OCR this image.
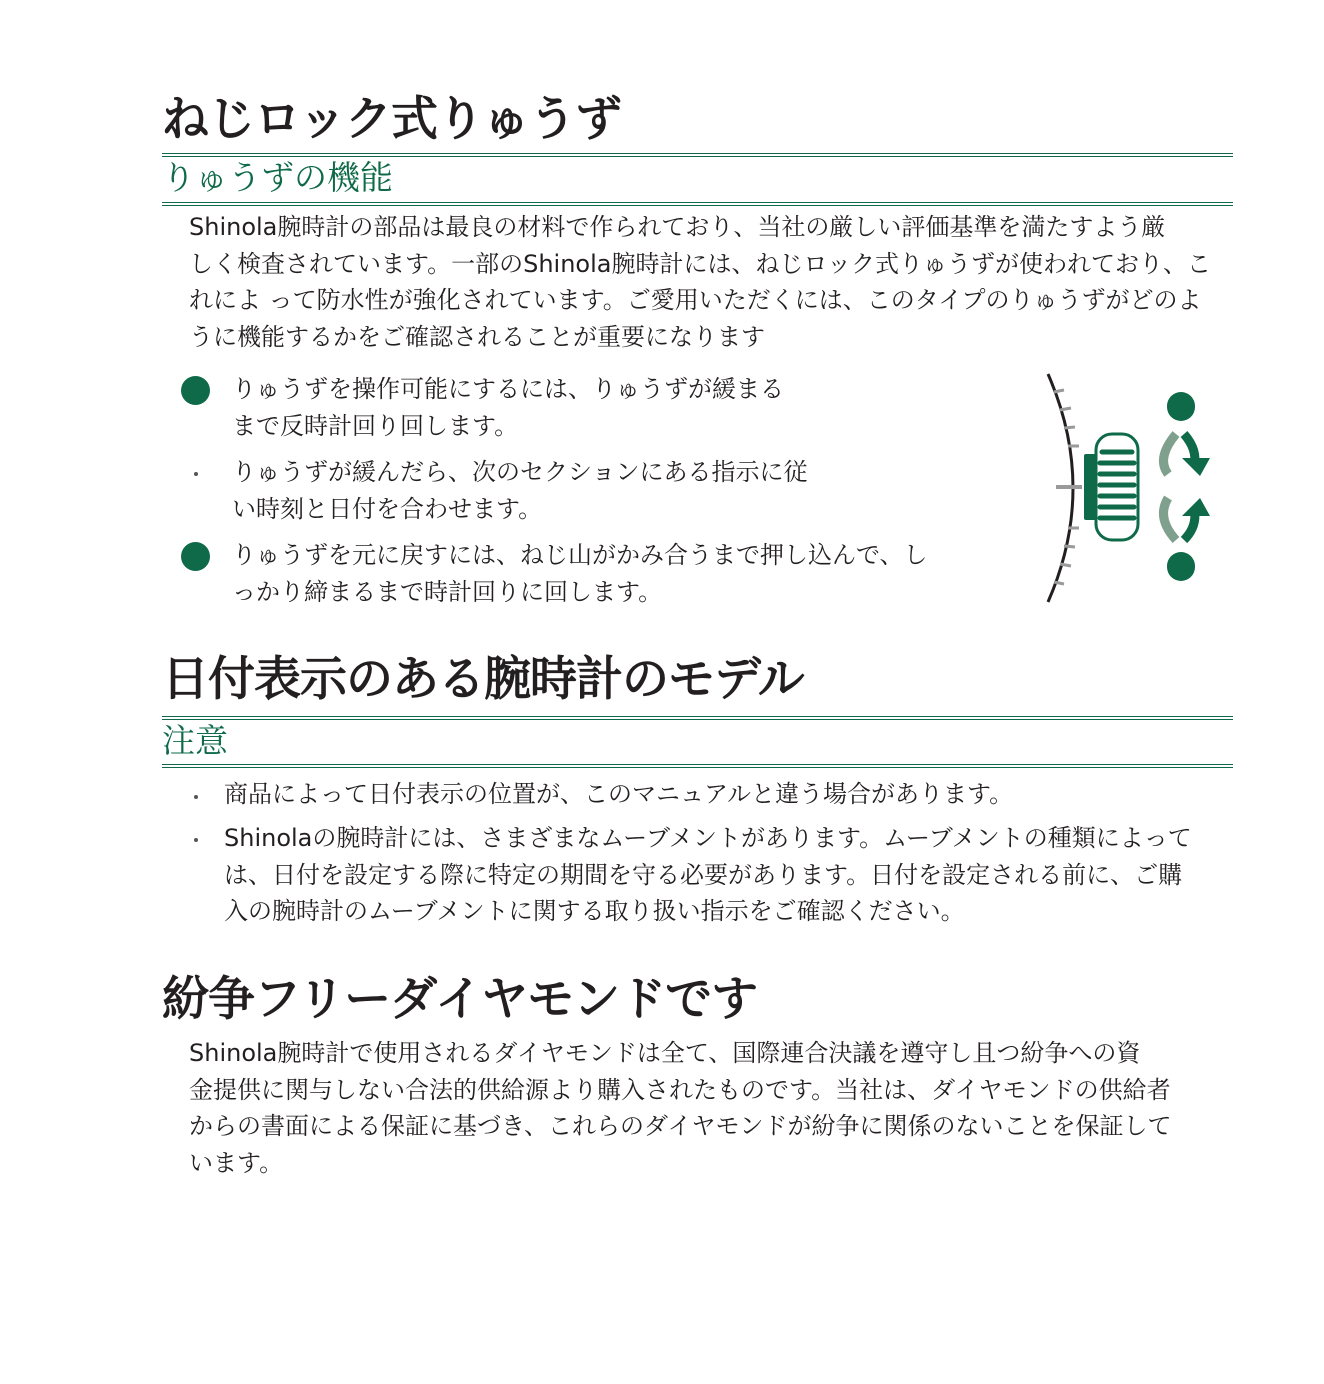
ねじロック式りゅうず
りゅうずの機能
Shinola腕時計の部品は最良の材料で作られており、当社の厳しい評価基準を満たすよう厳
しく検査されています。一部のShinola腕時計には、ねじロック式りゅうずが使われており、こ
れによ って防水性が強化されています。ご愛用いただくには、このタイプのりゅうずがどのよ
うに機能するかをご確認されることが重要になります
りゅうずを操作可能にするには、りゅうずが緩まる
まで反時計回り回します。
りゅうずが緩んだら、次のセクションにある指示に従
い時刻と日付を合わせます。
りゅうずを元に戻すには、ねじ山がかみ合うまで押し込んで、し
っかり締まるまで時計回りに回します。
日付表示のある腕時計のモデル
注意
商品によって日付表示の位置が、このマニュアルと違う場合があります。
Shinolaの腕時計には、さまざまなムーブメントがあります。ムーブメントの種類によって
は、日付を設定する際に特定の期間を守る必要があります。日付を設定される前に、ご購
入の腕時計のムーブメントに関する取り扱い指示をご確認ください。
紛争フリーダイヤモンドです
Shinola腕時計で使用されるダイヤモンドは全て、国際連合決議を遵守し且つ紛争への資
金提供に関与しない合法的供給源より購入されたものです。当社は、ダイヤモンドの供給者
からの書面による保証に基づき、これらのダイヤモンドが紛争に関係のないことを保証して
います。
